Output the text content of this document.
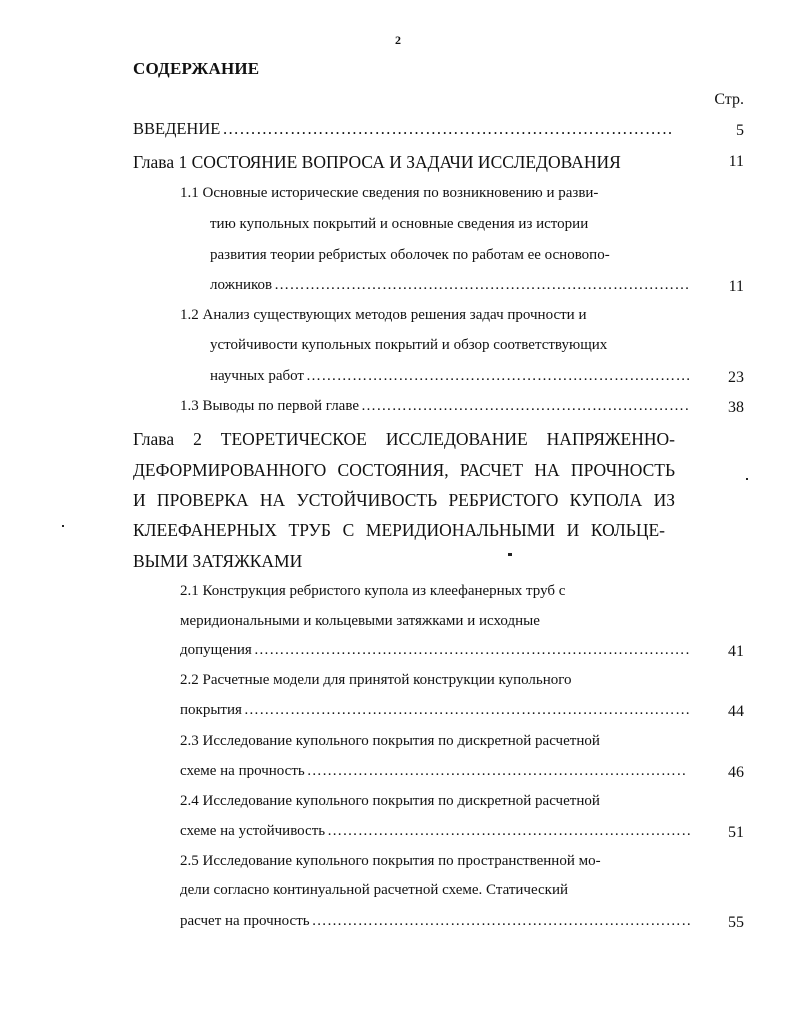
2
СОДЕРЖАНИЕ
Стр.
ВВЕДЕНИЕ ……………………………………………………………………………………………………………………………………	5
Глава 1 СОСТОЯНИЕ ВОПРОСА И ЗАДАЧИ ИССЛЕДОВАНИЯ	11
1.1 Основные исторические сведения по возникновению и разви-
тию купольных покрытий и основные сведения из истории
развития теории ребристых оболочек по работам ее основопо-
ложников ……………………………………………………………………………………………………………………………………	11
1.2 Анализ существующих методов решения задач прочности и
устойчивости купольных покрытий и обзор соответствующих
научных работ ……………………………………………………………………………………………………………………………………	23
1.3 Выводы по первой главе ……………………………………………………………………………………………………………………………………	38
Глава 2 ТЕОРЕТИЧЕСКОЕ ИССЛЕДОВАНИЕ НАПРЯЖЕННО-
ДЕФОРМИРОВАННОГО СОСТОЯНИЯ, РАСЧЕТ НА ПРОЧНОСТЬ
И ПРОВЕРКА НА УСТОЙЧИВОСТЬ РЕБРИСТОГО КУПОЛА ИЗ
КЛЕЕФАНЕРНЫХ ТРУБ С МЕРИДИОНАЛЬНЫМИ И КОЛЬЦЕ-
ВЫМИ ЗАТЯЖКАМИ
2.1 Конструкция ребристого купола из клеефанерных труб с
меридиональными и кольцевыми затяжками и исходные
допущения ……………………………………………………………………………………………………………………………………	41
2.2 Расчетные модели для принятой конструкции купольного
покрытия ……………………………………………………………………………………………………………………………………	44
2.3 Исследование купольного покрытия по дискретной расчетной
схеме на прочность ……………………………………………………………………………………………………………………………………	46
2.4 Исследование купольного покрытия по дискретной расчетной
схеме на устойчивость ……………………………………………………………………………………………………………………………………	51
2.5 Исследование купольного покрытия по пространственной мо-
дели согласно континуальной расчетной схеме. Статический
расчет на прочность ……………………………………………………………………………………………………………………………………	55
